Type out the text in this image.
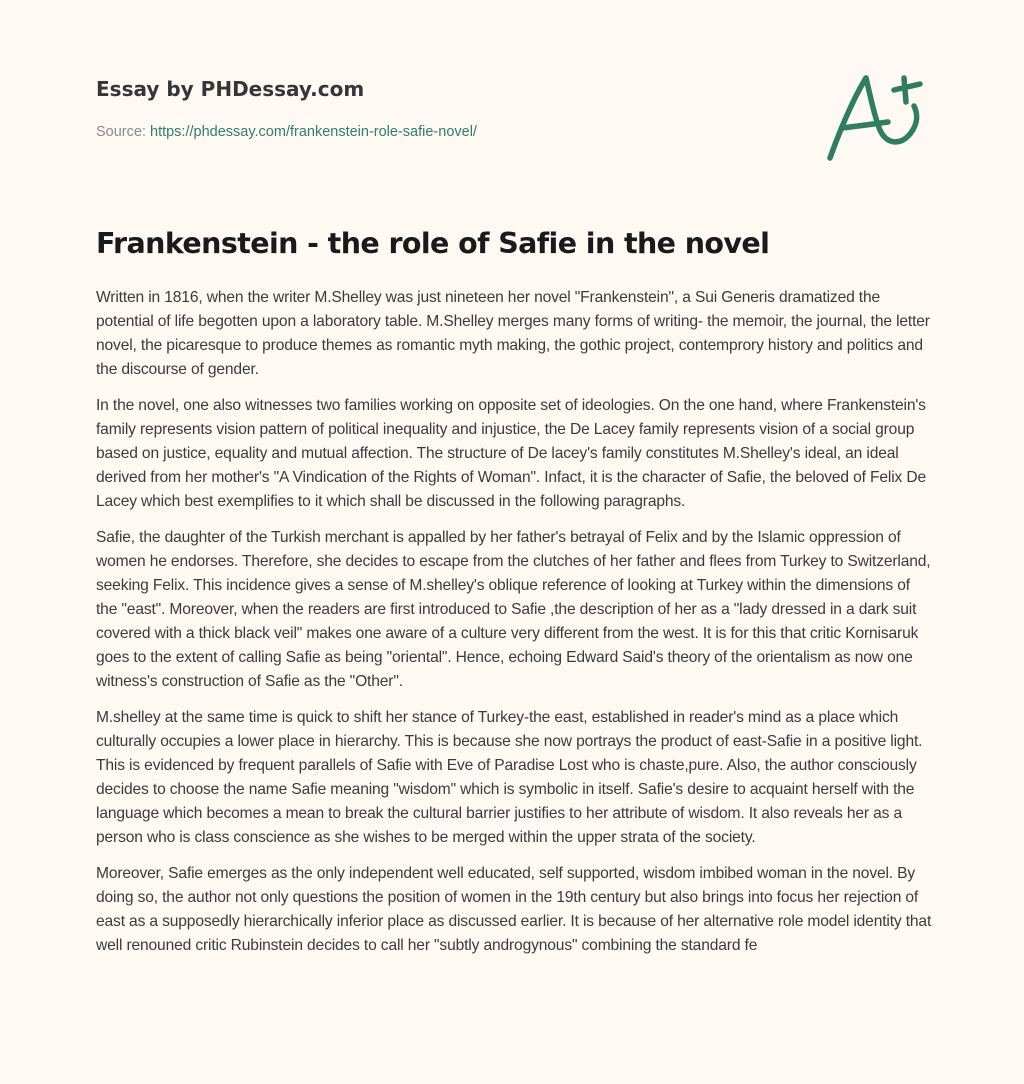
Essay by PHDessay.com
Source: https://phdessay.com/frankenstein-role-safie-novel/
Frankenstein - the role of Safie in the novel

Written in 1816, when the writer M.Shelley was just nineteen her novel "Frankenstein", a Sui Generis dramatized the potential of life begotten upon a laboratory table. M.Shelley merges many forms of writing- the memoir, the journal, the letter novel, the picaresque to produce themes as romantic myth making, the gothic project, contemprory history and politics and the discourse of gender.

In the novel, one also witnesses two families working on opposite set of ideologies. On the one hand, where Frankenstein's family represents vision pattern of political inequality and injustice, the De Lacey family represents vision of a social group based on justice, equality and mutual affection. The structure of De lacey's family constitutes M.Shelley's ideal, an ideal derived from her mother's "A Vindication of the Rights of Woman". Infact, it is the character of Safie, the beloved of Felix De Lacey which best exemplifies to it which shall be discussed in the following paragraphs.

Safie, the daughter of the Turkish merchant is appalled by her father's betrayal of Felix and by the Islamic oppression of women he endorses. Therefore, she decides to escape from the clutches of her father and flees from Turkey to Switzerland, seeking Felix. This incidence gives a sense of M.shelley's oblique reference of looking at Turkey within the dimensions of the "east". Moreover, when the readers are first introduced to Safie ,the description of her as a "lady dressed in a dark suit covered with a thick black veil" makes one aware of a culture very different from the west. It is for this that critic Kornisaruk goes to the extent of calling Safie as being "oriental". Hence, echoing Edward Said's theory of the orientalism as now one witness's construction of Safie as the "Other".

M.shelley at the same time is quick to shift her stance of Turkey-the east, established in reader's mind as a place which culturally occupies a lower place in hierarchy. This is because she now portrays the product of east-Safie in a positive light. This is evidenced by frequent parallels of Safie with Eve of Paradise Lost who is chaste,pure. Also, the author consciously decides to choose the name Safie meaning "wisdom" which is symbolic in itself. Safie's desire to acquaint herself with the language which becomes a mean to break the cultural barrier justifies to her attribute of wisdom. It also reveals her as a person who is class conscience as she wishes to be merged within the upper strata of the society.

Moreover, Safie emerges as the only independent well educated, self supported, wisdom imbibed woman in the novel. By doing so, the author not only questions the position of women in the 19th century but also brings into focus her rejection of east as a supposedly hierarchically inferior place as discussed earlier. It is because of her alternative role model identity that well renouned critic Rubinstein decides to call her "subtly androgynous" combining the standard fe
